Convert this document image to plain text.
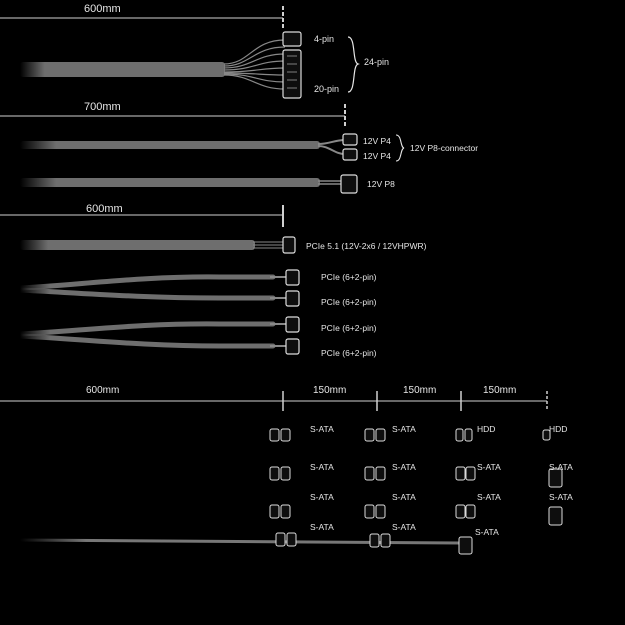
600mm
4-pin
20-pin
24-pin
700mm
12V P4
12V P4
12V P8-connector
12V P8
600mm
PCIe 5.1 (12V-2x6 / 12VHPWR)
PCIe (6+2-pin)
PCIe (6+2-pin)
PCIe (6+2-pin)
PCIe (6+2-pin)
600mm	150mm	150mm	150mm
S-ATA	S-ATA	HDD	HDD
S-ATA	S-ATA	S-ATA	S-ATA
S-ATA	S-ATA	S-ATA	S-ATA
S-ATA	S-ATA	S-ATA
